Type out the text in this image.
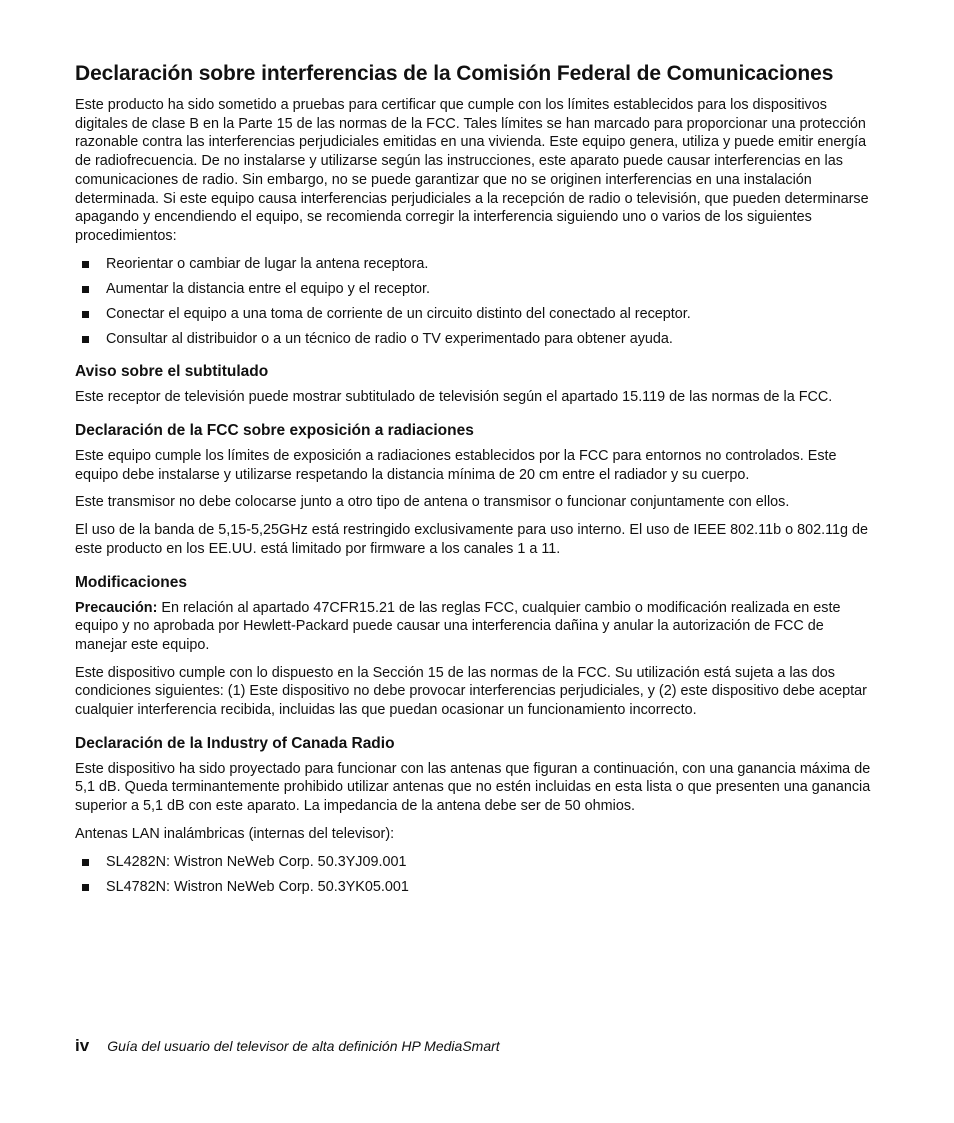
Declaración sobre interferencias de la Comisión Federal de Comunicaciones

Este producto ha sido sometido a pruebas para certificar que cumple con los límites establecidos para los dispositivos digitales de clase B en la Parte 15 de las normas de la FCC. Tales límites se han marcado para proporcionar una protección razonable contra las interferencias perjudiciales emitidas en una vivienda. Este equipo genera, utiliza y puede emitir energía de radiofrecuencia. De no instalarse y utilizarse según las instrucciones, este aparato puede causar interferencias en las comunicaciones de radio. Sin embargo, no se puede garantizar que no se originen interferencias en una instalación determinada. Si este equipo causa interferencias perjudiciales a la recepción de radio o televisión, que pueden determinarse apagando y encendiendo el equipo, se recomienda corregir la interferencia siguiendo uno o varios de los siguientes procedimientos:

Reorientar o cambiar de lugar la antena receptora.
Aumentar la distancia entre el equipo y el receptor.
Conectar el equipo a una toma de corriente de un circuito distinto del conectado al receptor.
Consultar al distribuidor o a un técnico de radio o TV experimentado para obtener ayuda.
Aviso sobre el subtitulado

Este receptor de televisión puede mostrar subtitulado de televisión según el apartado 15.119 de las normas de la FCC.

Declaración de la FCC sobre exposición a radiaciones

Este equipo cumple los límites de exposición a radiaciones establecidos por la FCC para entornos no controlados. Este equipo debe instalarse y utilizarse respetando la distancia mínima de 20 cm entre el radiador y su cuerpo.

Este transmisor no debe colocarse junto a otro tipo de antena o transmisor o funcionar conjuntamente con ellos.

El uso de la banda de 5,15-5,25GHz está restringido exclusivamente para uso interno. El uso de IEEE 802.11b o 802.11g de este producto en los EE.UU. está limitado por firmware a los canales 1 a 11.

Modificaciones

Precaución: En relación al apartado 47CFR15.21 de las reglas FCC, cualquier cambio o modificación realizada en este equipo y no aprobada por Hewlett-Packard puede causar una interferencia dañina y anular la autorización de FCC de manejar este equipo.

Este dispositivo cumple con lo dispuesto en la Sección 15 de las normas de la FCC. Su utilización está sujeta a las dos condiciones siguientes: (1) Este dispositivo no debe provocar interferencias perjudiciales, y (2) este dispositivo debe aceptar cualquier interferencia recibida, incluidas las que puedan ocasionar un funcionamiento incorrecto.

Declaración de la Industry of Canada Radio

Este dispositivo ha sido proyectado para funcionar con las antenas que figuran a continuación, con una ganancia máxima de 5,1 dB. Queda terminantemente prohibido utilizar antenas que no estén incluidas en esta lista o que presenten una ganancia superior a 5,1 dB con este aparato. La impedancia de la antena debe ser de 50 ohmios.

Antenas LAN inalámbricas (internas del televisor):

SL4282N: Wistron NeWeb Corp. 50.3YJ09.001
SL4782N: Wistron NeWeb Corp. 50.3YK05.001
iv Guía del usuario del televisor de alta definición HP MediaSmart
